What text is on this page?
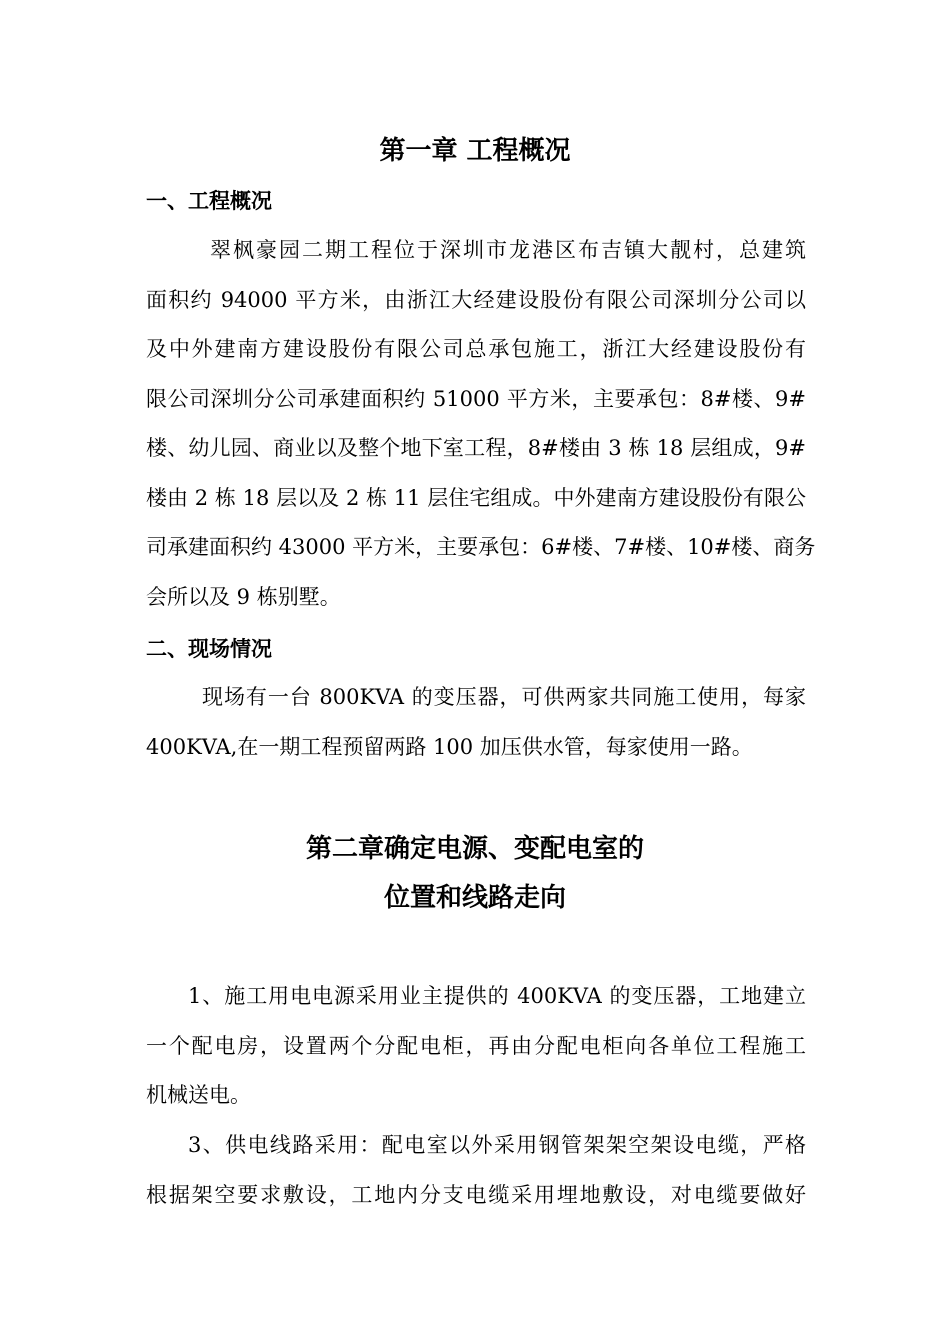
第一章 工程概况
一、工程概况
翠枫豪园二期工程位于深圳市龙港区布吉镇大靓村，总建筑
面积约 94000 平方米，由浙江大经建设股份有限公司深圳分公司以
及中外建南方建设股份有限公司总承包施工，浙江大经建设股份有
限公司深圳分公司承建面积约 51000 平方米，主要承包：8#楼、9#
楼、幼儿园、商业以及整个地下室工程，8#楼由 3 栋 18 层组成，9#
楼由 2 栋 18 层以及 2 栋 11 层住宅组成。中外建南方建设股份有限公
司承建面积约 43000 平方米，主要承包：6#楼、7#楼、10#楼、商务
会所以及 9 栋别墅。
二、现场情况
现场有一台 800KVA 的变压器，可供两家共同施工使用，每家
400KVA,在一期工程预留两路 100 加压供水管，每家使用一路。
第二章确定电源、变配电室的
位置和线路走向
1、施工用电电源采用业主提供的 400KVA 的变压器，工地建立
一个配电房，设置两个分配电柜，再由分配电柜向各单位工程施工
机械送电。
3、供电线路采用：配电室以外采用钢管架架空架设电缆，严格
根据架空要求敷设，工地内分支电缆采用埋地敷设，对电缆要做好
